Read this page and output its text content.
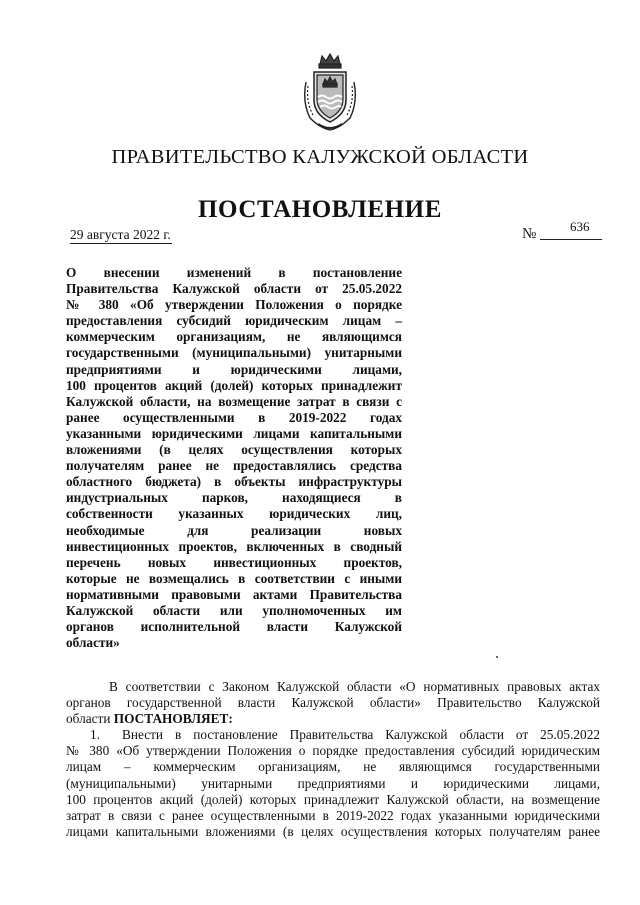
ПРАВИТЕЛЬСТВО КАЛУЖСКОЙ ОБЛАСТИ
ПОСТАНОВЛЕНИЕ
29 августа 2022 г.	№	636

О внесении изменений в постановление

Правительства Калужской области от 25.05.2022

№ 380 «Об утверждении Положения о порядке

предоставления субсидий юридическим лицам –

коммерческим организациям, не являющимся

государственными (муниципальными) унитарными

предприятиями и юридическими лицами,

100 процентов акций (долей) которых принадлежит

Калужской области, на возмещение затрат в связи с

ранее осуществленными в 2019-2022 годах

указанными юридическими лицами капитальными

вложениями (в целях осуществления которых

получателям ранее не предоставлялись средства

областного бюджета) в объекты инфраструктуры

индустриальных парков, находящиеся в

собственности указанных юридических лиц,

необходимые для реализации новых

инвестиционных проектов, включенных в сводный

перечень новых инвестиционных проектов,

которые не возмещались в соответствии с иными

нормативными правовыми актами Правительства

Калужской области или уполномоченных им

органов исполнительной власти Калужской

области»

В соответствии с Законом Калужской области «О нормативных правовых актах

органов государственной власти Калужской области» Правительство Калужской

области ПОСТАНОВЛЯЕТ:

1. Внести в постановление Правительства Калужской области от 25.05.2022

№ 380 «Об утверждении Положения о порядке предоставления субсидий юридическим

лицам – коммерческим организациям, не являющимся государственными

(муниципальными) унитарными предприятиями и юридическими лицами,

100 процентов акций (долей) которых принадлежит Калужской области, на возмещение

затрат в связи с ранее осуществленными в 2019-2022 годах указанными юридическими

лицами капитальными вложениями (в целях осуществления которых получателям ранее
